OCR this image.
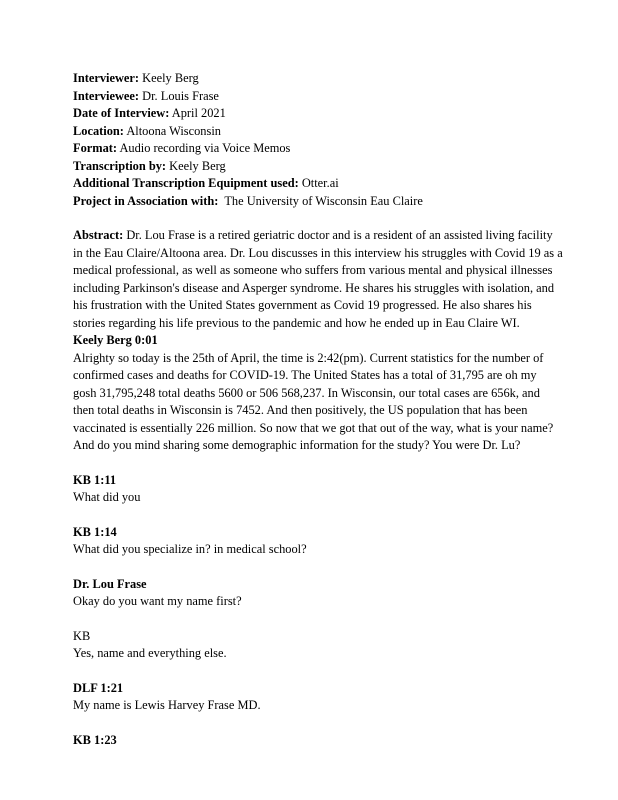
Interviewer: Keely Berg
Interviewee: Dr. Louis Frase
Date of Interview: April 2021
Location: Altoona Wisconsin
Format: Audio recording via Voice Memos
Transcription by: Keely Berg
Additional Transcription Equipment used: Otter.ai
Project in Association with:  The University of Wisconsin Eau Claire

Abstract: Dr. Lou Frase is a retired geriatric doctor and is a resident of an assisted living facility in the Eau Claire/Altoona area. Dr. Lou discusses in this interview his struggles with Covid 19 as a medical professional, as well as someone who suffers from various mental and physical illnesses including Parkinson's disease and Asperger syndrome. He shares his struggles with isolation, and his frustration with the United States government as Covid 19 progressed. He also shares his stories regarding his life previous to the pandemic and how he ended up in Eau Claire WI.

Keely Berg 0:01

Alrighty so today is the 25th of April, the time is 2:42(pm). Current statistics for the number of confirmed cases and deaths for COVID-19. The United States has a total of 31,795 are oh my gosh 31,795,248 total deaths 5600 or 506 568,237. In Wisconsin, our total cases are 656k, and then total deaths in Wisconsin is 7452. And then positively, the US population that has been vaccinated is essentially 226 million. So now that we got that out of the way, what is your name? And do you mind sharing some demographic information for the study? You were Dr. Lu?

KB 1:11

What did you

KB 1:14

What did you specialize in? in medical school?

Dr. Lou Frase

Okay do you want my name first?

KB

Yes, name and everything else.

DLF 1:21

My name is Lewis Harvey Frase MD.

KB 1:23
